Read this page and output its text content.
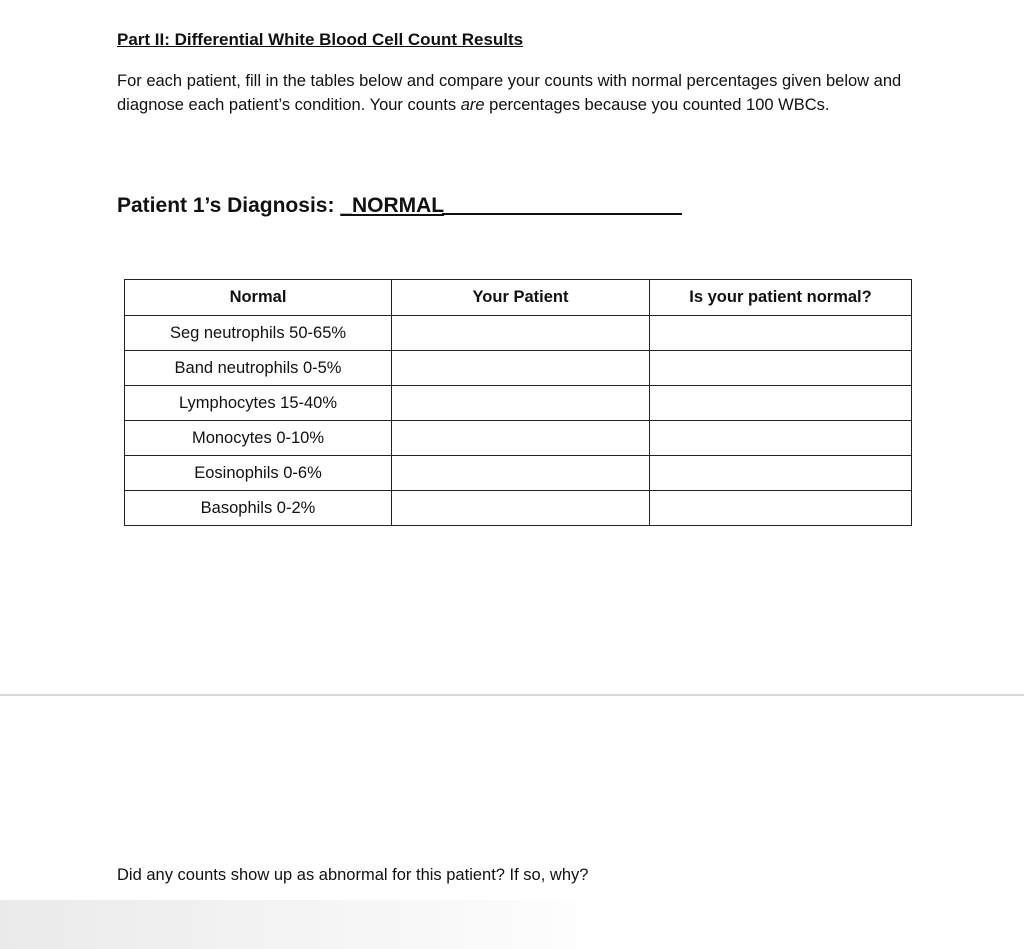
Part II: Differential White Blood Cell Count Results

For each patient, fill in the tables below and compare your counts with normal percentages given below and diagnose each patient’s condition. Your counts are percentages because you counted 100 WBCs.

Patient 1’s Diagnosis: _NORMAL

Normal	Your Patient	Is your patient normal?
Seg neutrophils 50-65%		
Band neutrophils 0-5%		
Lymphocytes 15-40%		
Monocytes 0-10%		
Eosinophils 0-6%		
Basophils 0-2%		

Did any counts show up as abnormal for this patient? If so, why?
